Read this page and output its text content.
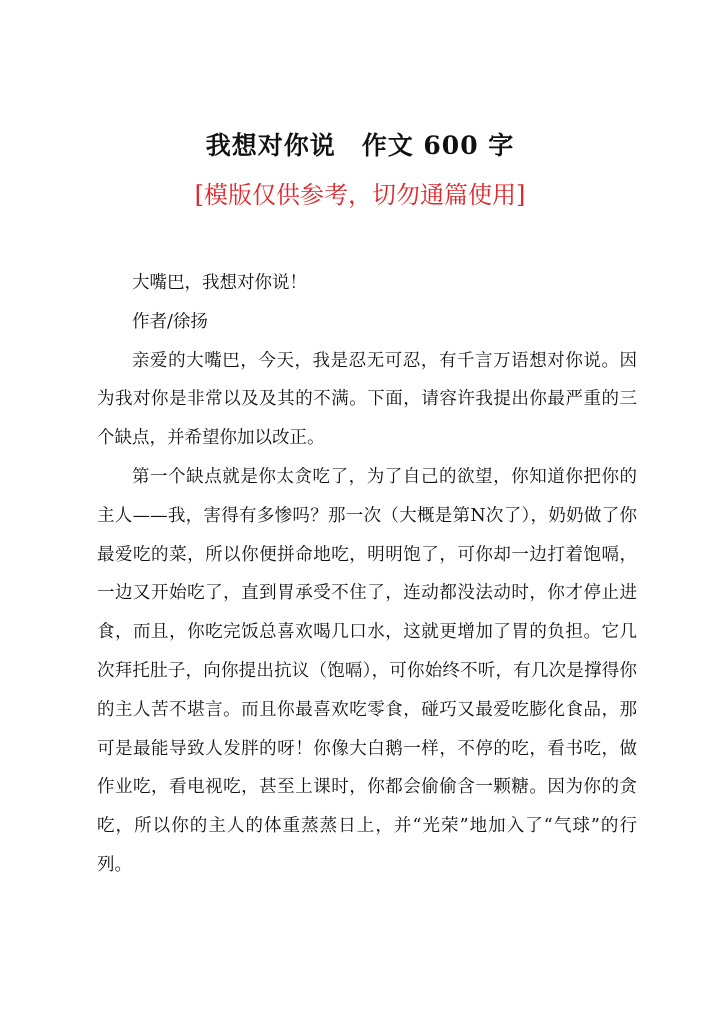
我想对你说　作文 600 字
[模版仅供参考，切勿通篇使用]

大嘴巴，我想对你说！

作者/徐扬

亲爱的大嘴巴，今天，我是忍无可忍，有千言万语想对你说。因为我对你是非常以及及其的不满。下面，请容许我提出你最严重的三个缺点，并希望你加以改正。

第一个缺点就是你太贪吃了，为了自己的欲望，你知道你把你的主人——我，害得有多惨吗？那一次（大概是第N次了），奶奶做了你最爱吃的菜，所以你便拼命地吃，明明饱了，可你却一边打着饱嗝，一边又开始吃了，直到胃承受不住了，连动都没法动时，你才停止进食，而且，你吃完饭总喜欢喝几口水，这就更增加了胃的负担。它几次拜托肚子，向你提出抗议（饱嗝），可你始终不听，有几次是撑得你的主人苦不堪言。而且你最喜欢吃零食，碰巧又最爱吃膨化食品，那可是最能导致人发胖的呀！你像大白鹅一样，不停的吃，看书吃，做作业吃，看电视吃，甚至上课时，你都会偷偷含一颗糖。因为你的贪吃，所以你的主人的体重蒸蒸日上，并“光荣”地加入了“气球”的行列。
